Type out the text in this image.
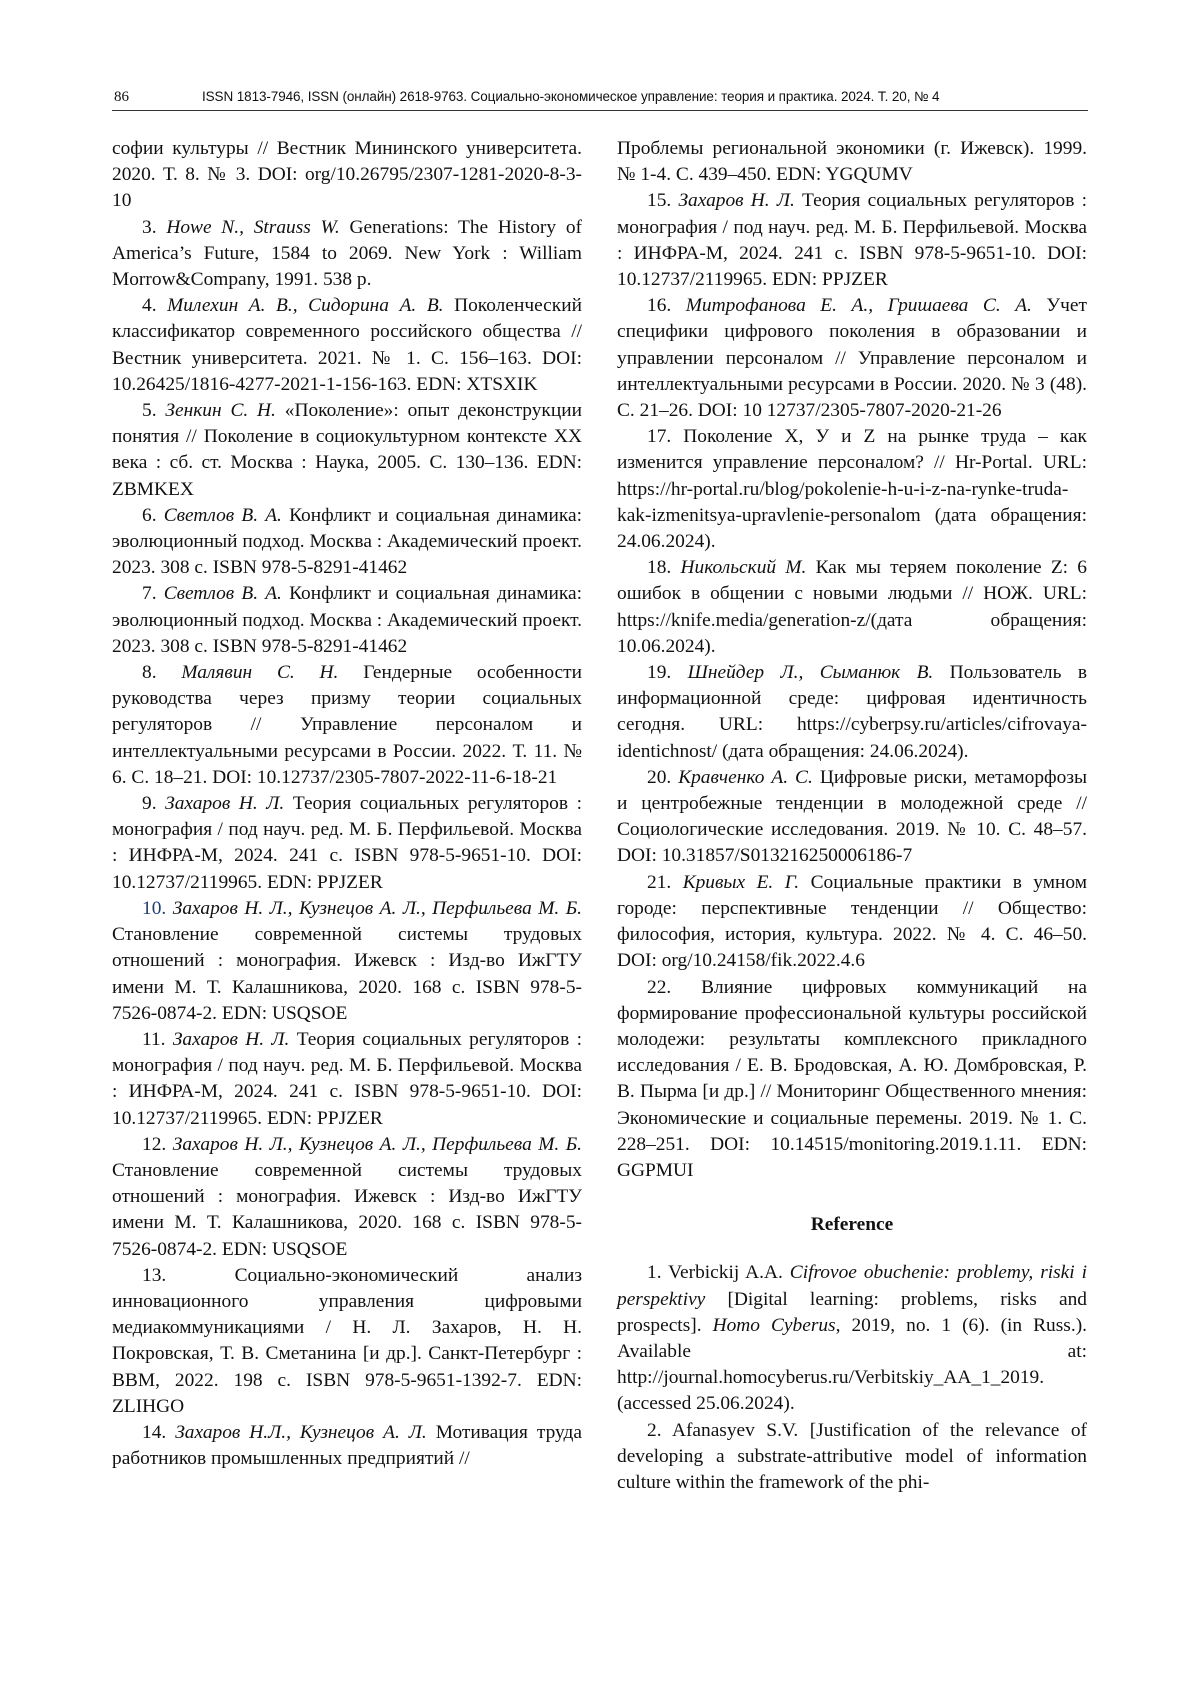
86	ISSN 1813-7946, ISSN (онлайн) 2618-9763. Социально-экономическое управление: теория и практика. 2024. Т. 20, № 4

софии культуры // Вестник Мининского университета. 2020. Т. 8. № 3. DOI: org/10.26795/2307-1281-2020-8-3-10

3. Howe N., Strauss W. Generations: The History of America’s Future, 1584 to 2069. New York : William Morrow&Company, 1991. 538 p.

4. Милехин А. В., Сидорина А. В. Поколенческий классификатор современного российского общества // Вестник университета. 2021. № 1. С. 156–163. DOI: 10.26425/1816-4277-2021-1-156-163. EDN: XTSXIK

5. Зенкин С. Н. «Поколение»: опыт деконструкции понятия // Поколение в социокультурном контексте XX века : сб. ст. Москва : Наука, 2005. С. 130–136. EDN: ZBMKEX

6. Светлов В. А. Конфликт и социальная динамика: эволюционный подход. Москва : Академический проект. 2023. 308 с. ISBN 978-5-8291-41462

7. Светлов В. А. Конфликт и социальная динамика: эволюционный подход. Москва : Академический проект. 2023. 308 с. ISBN 978-5-8291-41462

8. Малявин С. Н. Гендерные особенности руководства через призму теории социальных регуляторов // Управление персоналом и интеллектуальными ресурсами в России. 2022. Т. 11. № 6. С. 18–21. DOI: 10.12737/2305-7807-2022-11-6-18-21

9. Захаров Н. Л. Теория социальных регуляторов : монография / под науч. ред. М. Б. Перфильевой. Москва : ИНФРА-М, 2024. 241 с. ISBN 978-5-9651-10. DOI: 10.12737/2119965. EDN: PPJZER

10. Захаров Н. Л., Кузнецов А. Л., Перфильева М. Б. Становление современной системы трудовых отношений : монография. Ижевск : Изд-во ИжГТУ имени М. Т. Калашникова, 2020. 168 с. ISBN 978-5-7526-0874-2. EDN: USQSOE

11. Захаров Н. Л. Теория социальных регуляторов : монография / под науч. ред. М. Б. Перфильевой. Москва : ИНФРА-М, 2024. 241 с. ISBN 978-5-9651-10. DOI: 10.12737/2119965. EDN: PPJZER

12. Захаров Н. Л., Кузнецов А. Л., Перфильева М. Б. Становление современной системы трудовых отношений : монография. Ижевск : Изд-во ИжГТУ имени М. Т. Калашникова, 2020. 168 с. ISBN 978-5-7526-0874-2. EDN: USQSOE

13.	Социально-экономический анализ инновационного управления цифровыми медиакоммуникациями / Н. Л. Захаров, Н. Н. Покровская, Т. В. Сметанина [и др.]. Санкт-Петербург : ВВМ, 2022. 198 с. ISBN 978-5-9651-1392-7. EDN: ZLIHGO

14. Захаров Н.Л., Кузнецов А. Л. Мотивация труда работников промышленных предприятий //

Проблемы региональной экономики (г. Ижевск). 1999. № 1-4. С. 439–450. EDN: YGQUMV

15. Захаров Н. Л. Теория социальных регуляторов : монография / под науч. ред. М. Б. Перфильевой. Москва : ИНФРА-М, 2024. 241 с. ISBN 978-5-9651-10. DOI: 10.12737/2119965. EDN: PPJZER

16. Митрофанова Е. А., Гришаева С. А. Учет специфики цифрового поколения в образовании и управлении персоналом // Управление персоналом и интеллектуальными ресурсами в России. 2020. № 3 (48). С. 21–26. DOI: 10 12737/2305-7807-2020-21-26

17. Поколение X, У и Z на рынке труда – как изменится управление персоналом? // Hr-Portal. URL: https://hr-portal.ru/blog/pokolenie-h-u-i-z-na-rynke-truda-kak-izmenitsya-upravlenie-personalom (дата обращения: 24.06.2024).

18. Никольский М. Как мы теряем поколение Z: 6 ошибок в общении с новыми людьми // НОЖ. URL: https://knife.media/generation-z/(дата обращения: 10.06.2024).

19. Шнейдер Л., Сыманюк В. Пользователь в информационной среде: цифровая идентичность сегодня. URL: https://cyberpsy.ru/articles/cifrovaya-identichnost/ (дата обращения: 24.06.2024).

20. Кравченко А. С. Цифровые риски, метаморфозы и центробежные тенденции в молодежной среде // Социологические исследования. 2019. № 10. С. 48–57. DOI: 10.31857/S013216250006186-7

21. Кривых Е. Г. Социальные практики в умном городе: перспективные тенденции // Общество: философия, история, культура. 2022. № 4. С. 46–50. DOI: org/10.24158/fik.2022.4.6

22. Влияние цифровых коммуникаций на формирование профессиональной культуры российской молодежи: результаты комплексного прикладного исследования / Е. В. Бродовская, А. Ю. Домбровская, Р. В. Пырма [и др.] // Мониторинг Общественного мнения: Экономические и социальные перемены. 2019. № 1. С. 228–251. DOI: 10.14515/monitoring.2019.1.11. EDN: GGPMUI

Reference

1. Verbickij A.A. Cifrovoe obuchenie: problemy, riski i perspektivy [Digital learning: problems, risks and prospects]. Homo Cyberus, 2019, no. 1 (6). (in Russ.). Available at: http://journal.homocyberus.ru/Verbitskiy_AA_1_2019. (accessed 25.06.2024).

2. Afanasyev S.V. [Justification of the relevance of developing a substrate-attributive model of information culture within the framework of the phi-
